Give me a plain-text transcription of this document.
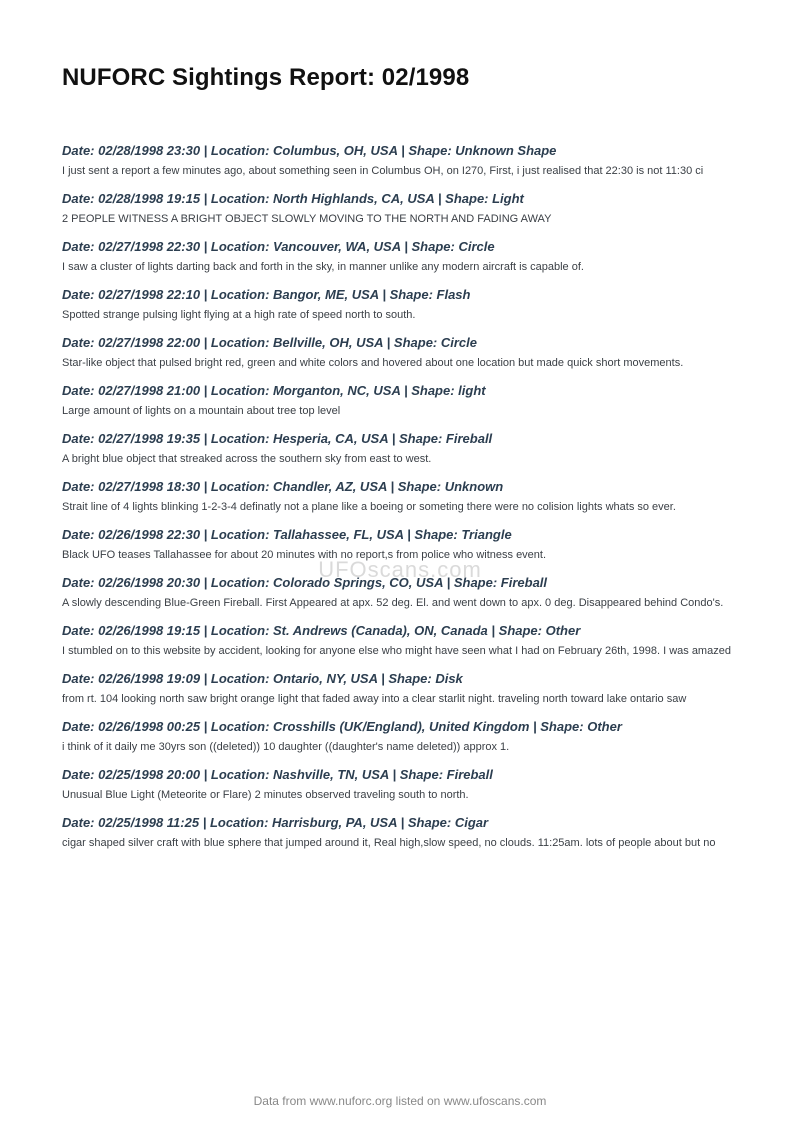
NUFORC Sightings Report: 02/1998

Date: 02/28/1998 23:30 | Location: Columbus, OH, USA | Shape: Unknown Shape

I just sent a report a few minutes ago, about something seen in Columbus OH, on I270, First, i just realised that 22:30 is not 11:30 ci

Date: 02/28/1998 19:15 | Location: North Highlands, CA, USA | Shape: Light

2 PEOPLE WITNESS A BRIGHT OBJECT SLOWLY MOVING TO THE NORTH AND FADING AWAY

Date: 02/27/1998 22:30 | Location: Vancouver, WA, USA | Shape: Circle

I saw a cluster of lights darting back and forth in the sky, in manner unlike any modern aircraft is capable of.

Date: 02/27/1998 22:10 | Location: Bangor, ME, USA | Shape: Flash

Spotted strange pulsing light flying at a high rate of speed north to south.

Date: 02/27/1998 22:00 | Location: Bellville, OH, USA | Shape: Circle

Star-like object that pulsed bright red, green and white colors and hovered about one location but made quick short movements.

Date: 02/27/1998 21:00 | Location: Morganton, NC, USA | Shape: light

Large amount of lights on a mountain about tree top level

Date: 02/27/1998 19:35 | Location: Hesperia, CA, USA | Shape: Fireball

A bright blue object that streaked across the southern sky from east to west.

Date: 02/27/1998 18:30 | Location: Chandler, AZ, USA | Shape: Unknown

Strait line of 4 lights blinking 1-2-3-4 definatly not a plane like a boeing or someting there were no colision lights whats so ever.

Date: 02/26/1998 22:30 | Location: Tallahassee, FL, USA | Shape: Triangle

Black UFO teases Tallahassee for about 20 minutes with no report,s from police who witness event.

Date: 02/26/1998 20:30 | Location: Colorado Springs, CO, USA | Shape: Fireball

A slowly descending Blue-Green Fireball. First Appeared at apx. 52 deg. El. and went down to apx. 0 deg. Disappeared behind Condo's.

Date: 02/26/1998 19:15 | Location: St. Andrews (Canada), ON, Canada | Shape: Other

I stumbled on to this website by accident, looking for anyone else who might have seen what I had on February 26th, 1998. I was amazed

Date: 02/26/1998 19:09 | Location: Ontario, NY, USA | Shape: Disk

from rt. 104 looking north saw bright orange light that faded away into a clear starlit night. traveling north toward lake ontario saw

Date: 02/26/1998 00:25 | Location: Crosshills (UK/England), United Kingdom | Shape: Other

i think of it daily me 30yrs son ((deleted)) 10 daughter ((daughter's name deleted)) approx 1.

Date: 02/25/1998 20:00 | Location: Nashville, TN, USA | Shape: Fireball

Unusual Blue Light (Meteorite or Flare) 2 minutes observed traveling south to north.

Date: 02/25/1998 11:25 | Location: Harrisburg, PA, USA | Shape: Cigar

cigar shaped silver craft with blue sphere that jumped around it, Real high,slow speed, no clouds. 11:25am. lots of people about but no

UFOscans.com
Data from www.nuforc.org listed on www.ufoscans.com
